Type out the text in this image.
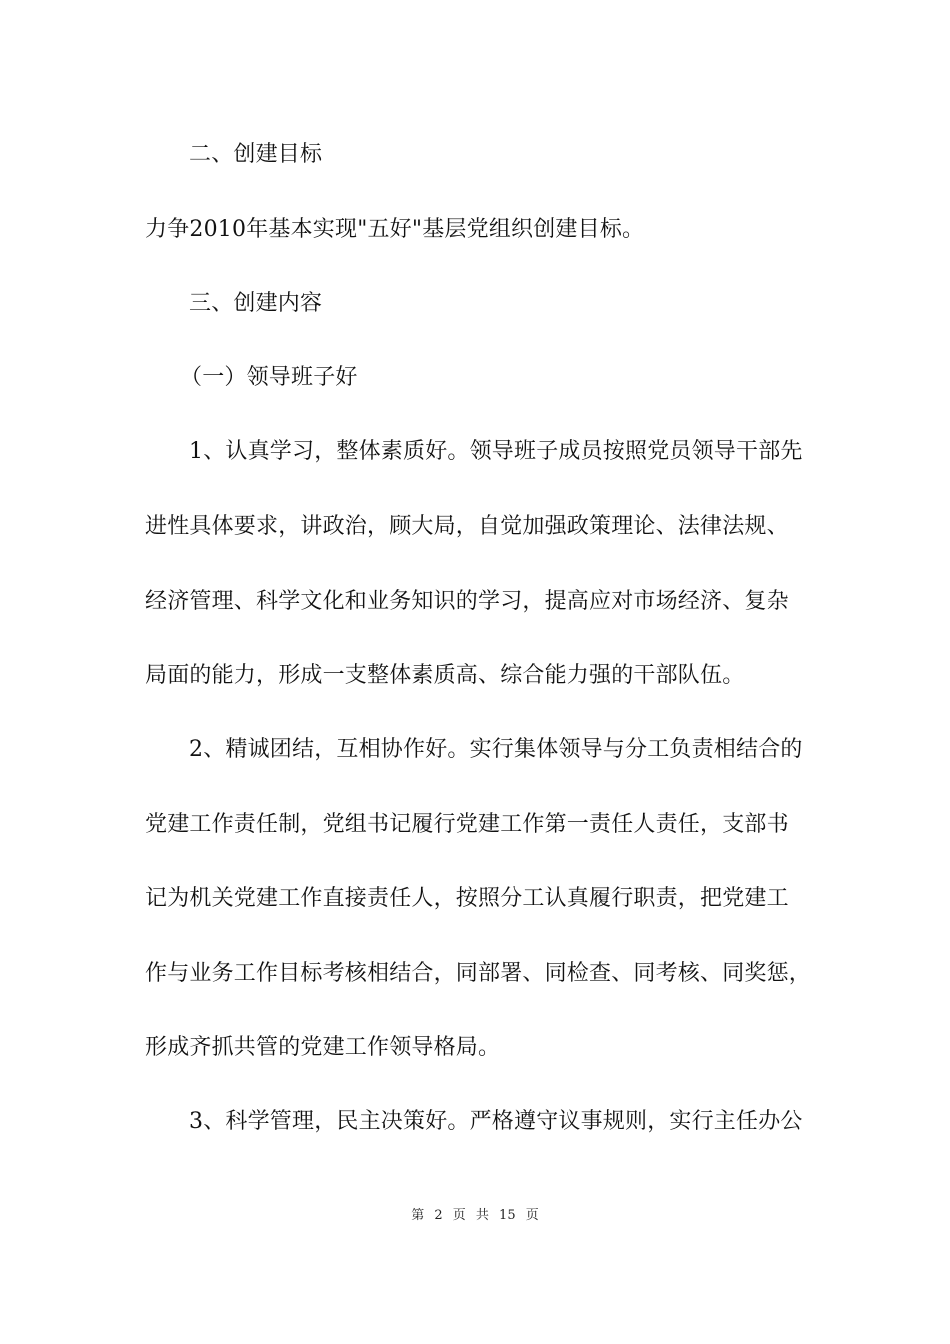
二、创建目标
力争2010年基本实现"五好"基层党组织创建目标。
三、创建内容
（一）领导班子好
1、认真学习，整体素质好。领导班子成员按照党员领导干部先
进性具体要求，讲政治，顾大局，自觉加强政策理论、法律法规、
经济管理、科学文化和业务知识的学习，提高应对市场经济、复杂
局面的能力，形成一支整体素质高、综合能力强的干部队伍。
2、精诚团结，互相协作好。实行集体领导与分工负责相结合的
党建工作责任制，党组书记履行党建工作第一责任人责任，支部书
记为机关党建工作直接责任人，按照分工认真履行职责，把党建工
作与业务工作目标考核相结合，同部署、同检查、同考核、同奖惩，
形成齐抓共管的党建工作领导格局。
3、科学管理，民主决策好。严格遵守议事规则，实行主任办公
第 2 页 共 15 页
